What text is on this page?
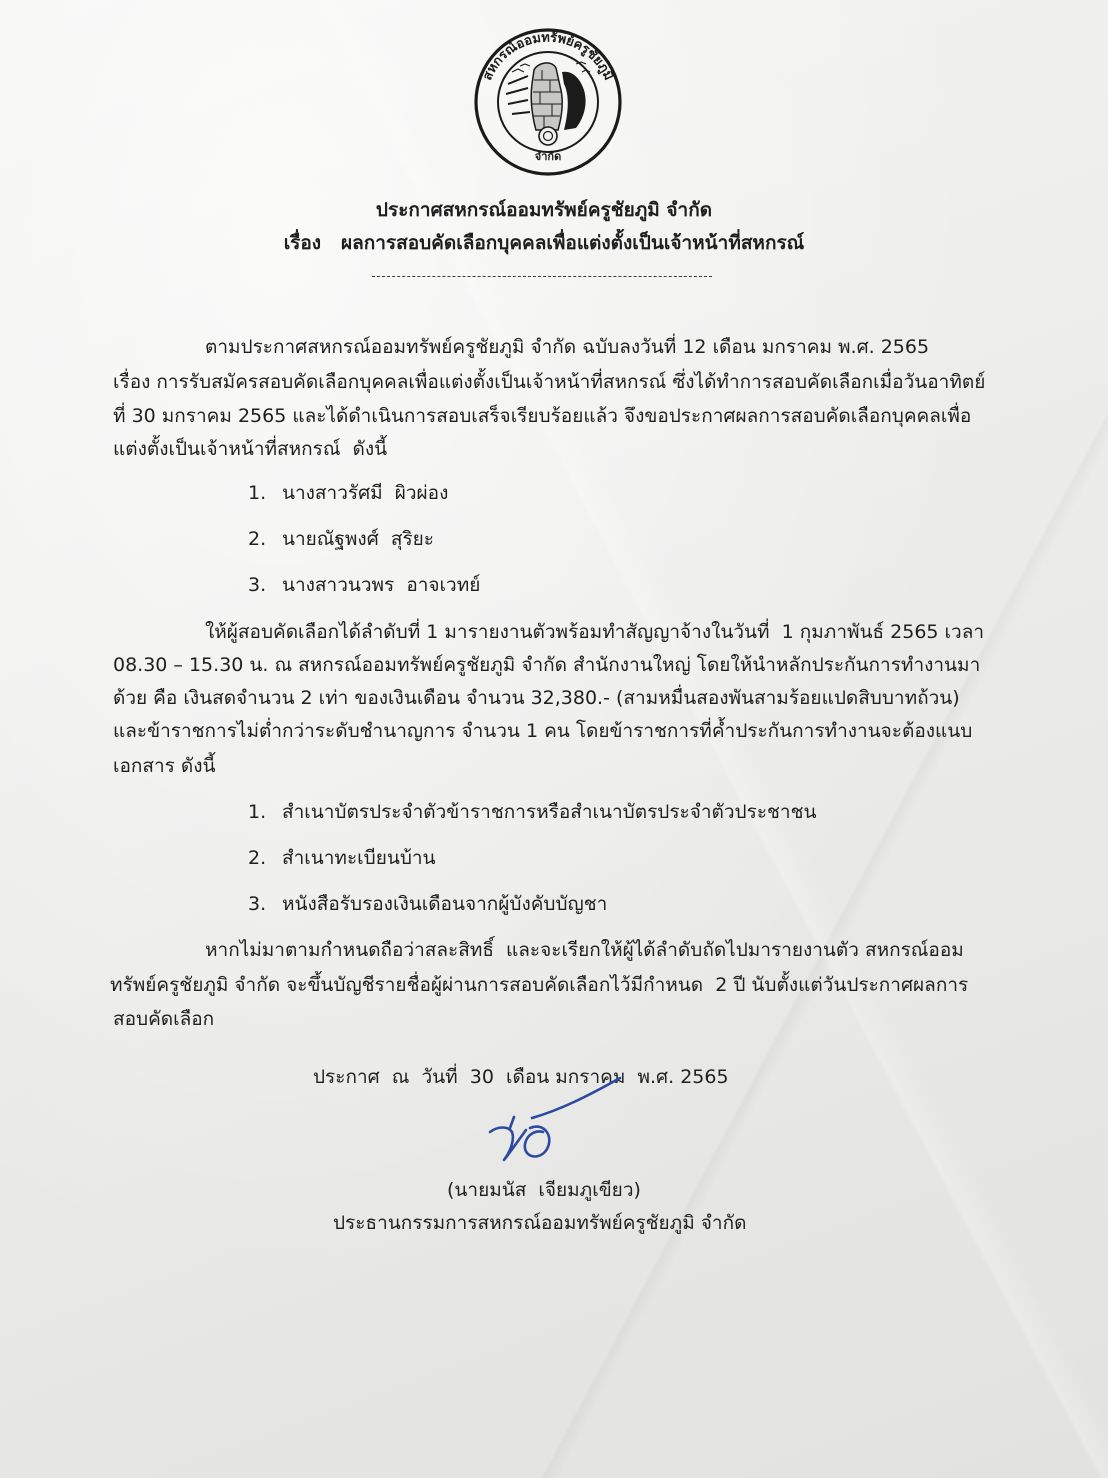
สหกรณ์ออมทรัพย์ครูชัยภูมิ
จำกัด
ประกาศสหกรณ์ออมทรัพย์ครูชัยภูมิ จำกัด
เรื่อง ผลการสอบคัดเลือกบุคคลเพื่อแต่งตั้งเป็นเจ้าหน้าที่สหกรณ์
ตามประกาศสหกรณ์ออมทรัพย์ครูชัยภูมิ จำกัด ฉบับลงวันที่ 12 เดือน มกราคม พ.ศ. 2565
เรื่อง การรับสมัครสอบคัดเลือกบุคคลเพื่อแต่งตั้งเป็นเจ้าหน้าที่สหกรณ์ ซึ่งได้ทำการสอบคัดเลือกเมื่อวันอาทิตย์
ที่ 30 มกราคม 2565 และได้ดำเนินการสอบเสร็จเรียบร้อยแล้ว จึงขอประกาศผลการสอบคัดเลือกบุคคลเพื่อ
แต่งตั้งเป็นเจ้าหน้าที่สหกรณ์  ดังนี้
1. นางสาวรัศมี  ผิวผ่อง
2. นายณัฐพงศ์  สุริยะ
3. นางสาวนวพร  อาจเวทย์
ให้ผู้สอบคัดเลือกได้ลำดับที่ 1 มารายงานตัวพร้อมทำสัญญาจ้างในวันที่  1 กุมภาพันธ์ 2565 เวลา
08.30 – 15.30 น. ณ สหกรณ์ออมทรัพย์ครูชัยภูมิ จำกัด สำนักงานใหญ่ โดยให้นำหลักประกันการทำงานมา
ด้วย คือ เงินสดจำนวน 2 เท่า ของเงินเดือน จำนวน 32,380.- (สามหมื่นสองพันสามร้อยแปดสิบบาทถ้วน)
และข้าราชการไม่ต่ำกว่าระดับชำนาญการ จำนวน 1 คน โดยข้าราชการที่ค้ำประกันการทำงานจะต้องแนบ
เอกสาร ดังนี้
1. สำเนาบัตรประจำตัวข้าราชการหรือสำเนาบัตรประจำตัวประชาชน
2. สำเนาทะเบียนบ้าน
3. หนังสือรับรองเงินเดือนจากผู้บังคับบัญชา
หากไม่มาตามกำหนดถือว่าสละสิทธิ์  และจะเรียกให้ผู้ได้ลำดับถัดไปมารายงานตัว สหกรณ์ออม
ทรัพย์ครูชัยภูมิ จำกัด จะขึ้นบัญชีรายชื่อผู้ผ่านการสอบคัดเลือกไว้มีกำหนด  2 ปี นับตั้งแต่วันประกาศผลการ
สอบคัดเลือก
ประกาศ  ณ  วันที่  30  เดือน มกราคม  พ.ศ. 2565
(นายมนัส  เจียมภูเขียว)
ประธานกรรมการสหกรณ์ออมทรัพย์ครูชัยภูมิ จำกัด
